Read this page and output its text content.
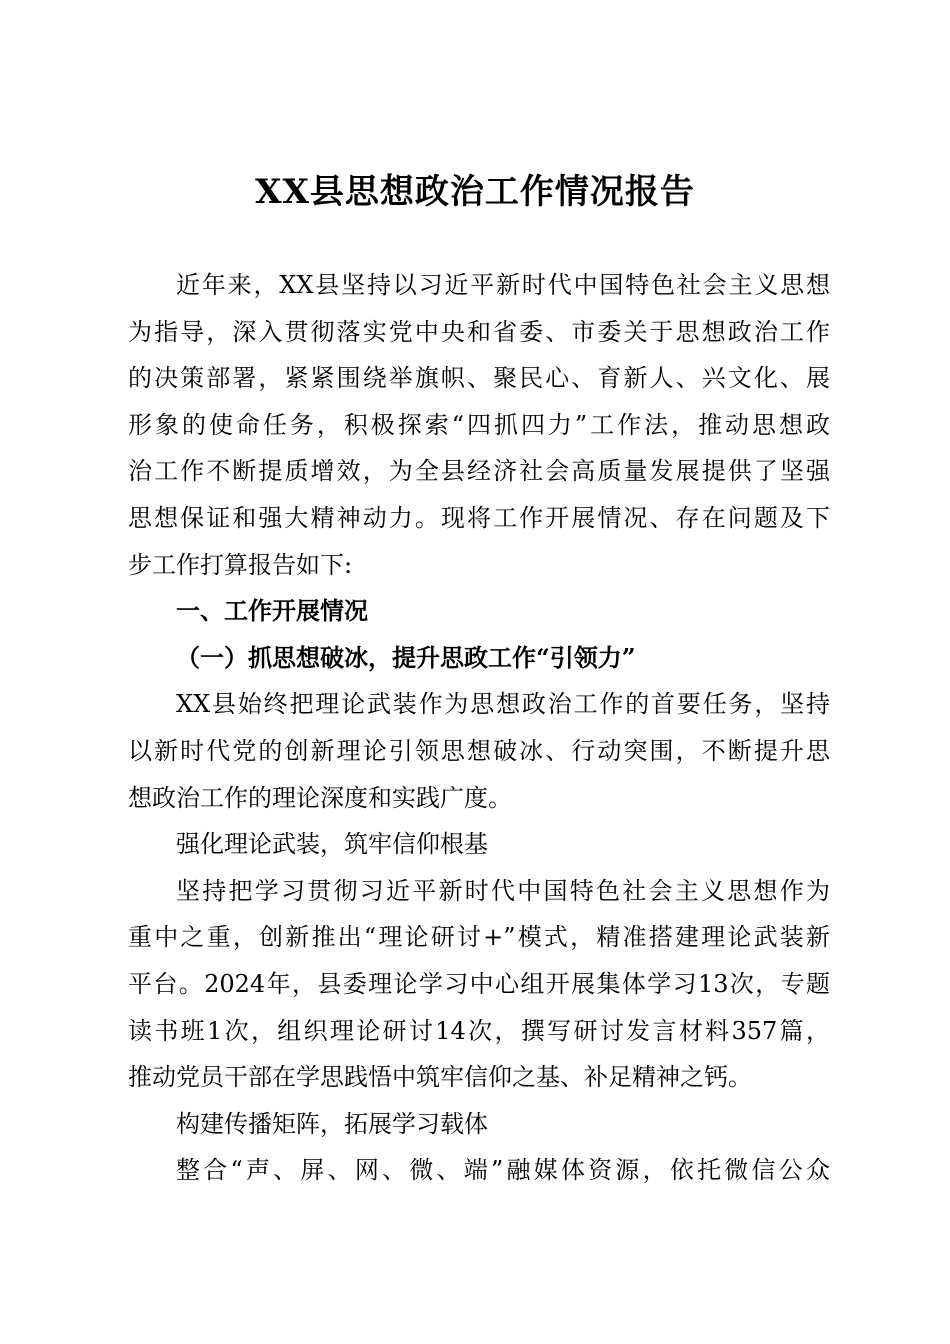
XX县思想政治工作情况报告
近年来，XX县坚持以习近平新时代中国特色社会主义思想
为指导，深入贯彻落实党中央和省委、市委关于思想政治工作
的决策部署，紧紧围绕举旗帜、聚民心、育新人、兴文化、展
形象的使命任务，积极探索“四抓四力”工作法，推动思想政
治工作不断提质增效，为全县经济社会高质量发展提供了坚强
思想保证和强大精神动力。现将工作开展情况、存在问题及下
步工作打算报告如下:
一、工作开展情况
（一）抓思想破冰，提升思政工作“引领力”
XX县始终把理论武装作为思想政治工作的首要任务，坚持
以新时代党的创新理论引领思想破冰、行动突围，不断提升思
想政治工作的理论深度和实践广度。
强化理论武装，筑牢信仰根基
坚持把学习贯彻习近平新时代中国特色社会主义思想作为
重中之重，创新推出“理论研讨+”模式，精准搭建理论武装新
平台。2024年，县委理论学习中心组开展集体学习13次，专题
读书班1次，组织理论研讨14次，撰写研讨发言材料357篇，
推动党员干部在学思践悟中筑牢信仰之基、补足精神之钙。
构建传播矩阵，拓展学习载体
整合“声、屏、网、微、端”融媒体资源，依托微信公众
